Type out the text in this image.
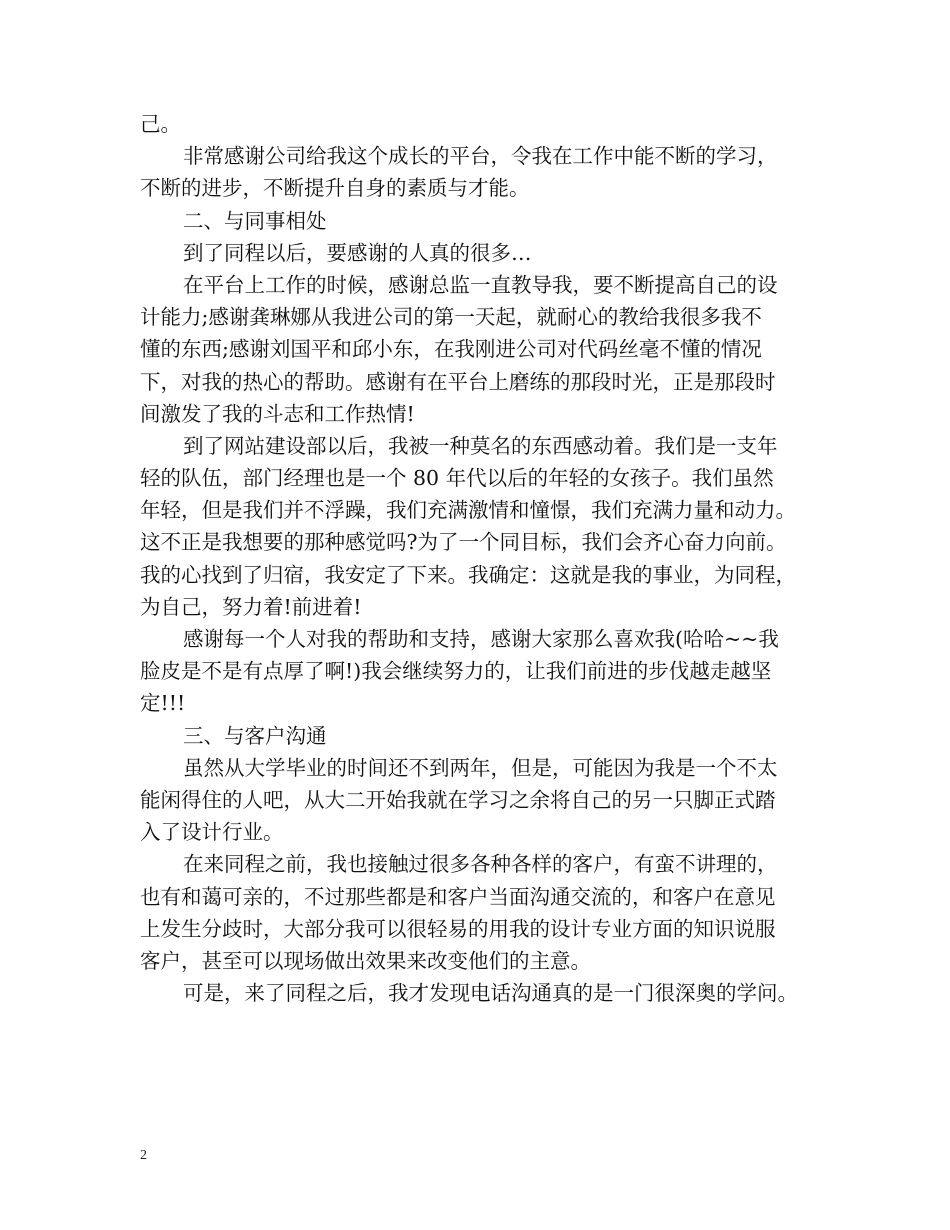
己。
非常感谢公司给我这个成长的平台，令我在工作中能不断的学习，
不断的进步，不断提升自身的素质与才能。
二、与同事相处
到了同程以后，要感谢的人真的很多…
在平台上工作的时候，感谢总监一直教导我，要不断提高自己的设
计能力;感谢龚琳娜从我进公司的第一天起，就耐心的教给我很多我不
懂的东西;感谢刘国平和邱小东，在我刚进公司对代码丝毫不懂的情况
下，对我的热心的帮助。感谢有在平台上磨练的那段时光，正是那段时
间激发了我的斗志和工作热情!
到了网站建设部以后，我被一种莫名的东西感动着。我们是一支年
轻的队伍，部门经理也是一个 80 年代以后的年轻的女孩子。我们虽然
年轻，但是我们并不浮躁，我们充满激情和憧憬，我们充满力量和动力。
这不正是我想要的那种感觉吗?为了一个同目标，我们会齐心奋力向前。
我的心找到了归宿，我安定了下来。我确定：这就是我的事业，为同程，
为自己，努力着!前进着!
感谢每一个人对我的帮助和支持，感谢大家那么喜欢我(哈哈~~我
脸皮是不是有点厚了啊!)我会继续努力的，让我们前进的步伐越走越坚
定!!!
三、与客户沟通
虽然从大学毕业的时间还不到两年，但是，可能因为我是一个不太
能闲得住的人吧，从大二开始我就在学习之余将自己的另一只脚正式踏
入了设计行业。
在来同程之前，我也接触过很多各种各样的客户，有蛮不讲理的，
也有和蔼可亲的，不过那些都是和客户当面沟通交流的，和客户在意见
上发生分歧时，大部分我可以很轻易的用我的设计专业方面的知识说服
客户，甚至可以现场做出效果来改变他们的主意。
可是，来了同程之后，我才发现电话沟通真的是一门很深奥的学问。
2
